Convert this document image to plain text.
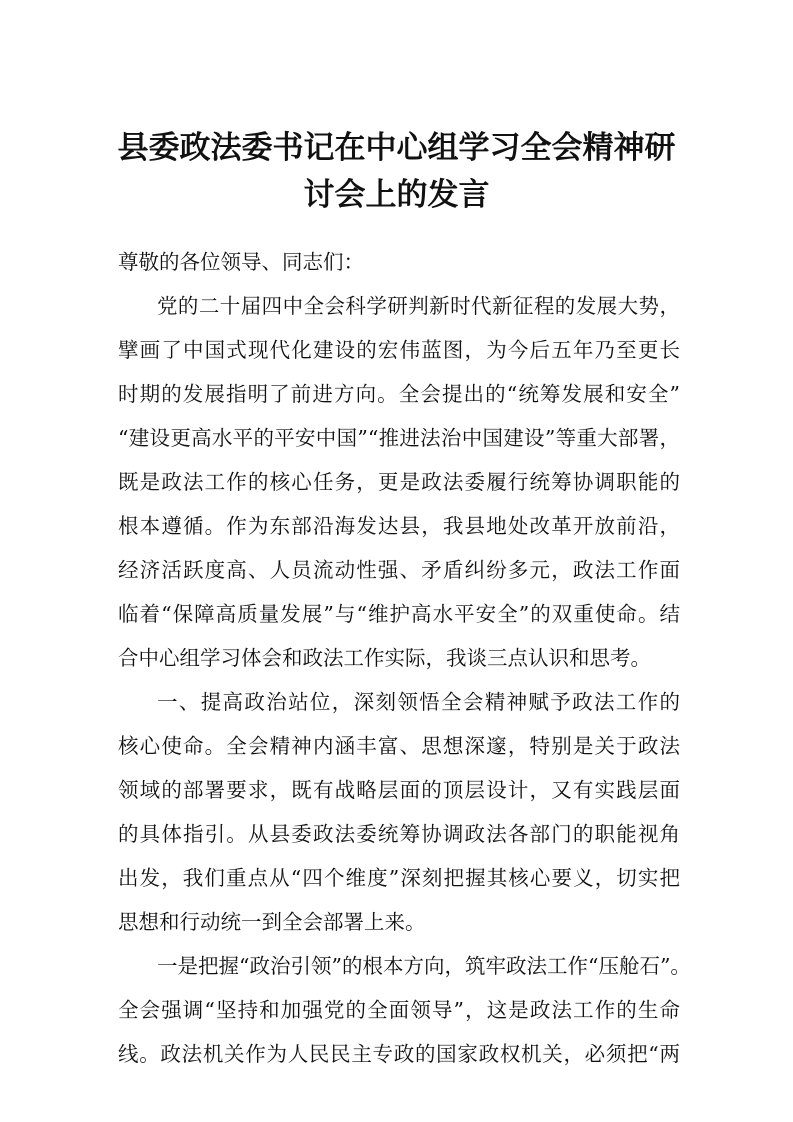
县委政法委书记在中心组学习全会精神研
讨会上的发言
尊敬的各位领导、同志们：
党的二十届四中全会科学研判新时代新征程的发展大势，
擘画了中国式现代化建设的宏伟蓝图，为今后五年乃至更长
时期的发展指明了前进方向。全会提出的“统筹发展和安全”
“建设更高水平的平安中国”“推进法治中国建设”等重大部署，
既是政法工作的核心任务，更是政法委履行统筹协调职能的
根本遵循。作为东部沿海发达县，我县地处改革开放前沿，
经济活跃度高、人员流动性强、矛盾纠纷多元，政法工作面
临着“保障高质量发展”与“维护高水平安全”的双重使命。结
合中心组学习体会和政法工作实际，我谈三点认识和思考。
一、提高政治站位，深刻领悟全会精神赋予政法工作的
核心使命。全会精神内涵丰富、思想深邃，特别是关于政法
领域的部署要求，既有战略层面的顶层设计，又有实践层面
的具体指引。从县委政法委统筹协调政法各部门的职能视角
出发，我们重点从“四个维度”深刻把握其核心要义，切实把
思想和行动统一到全会部署上来。
一是把握“政治引领”的根本方向，筑牢政法工作“压舱石”。
全会强调“坚持和加强党的全面领导”，这是政法工作的生命
线。政法机关作为人民民主专政的国家政权机关，必须把“两
